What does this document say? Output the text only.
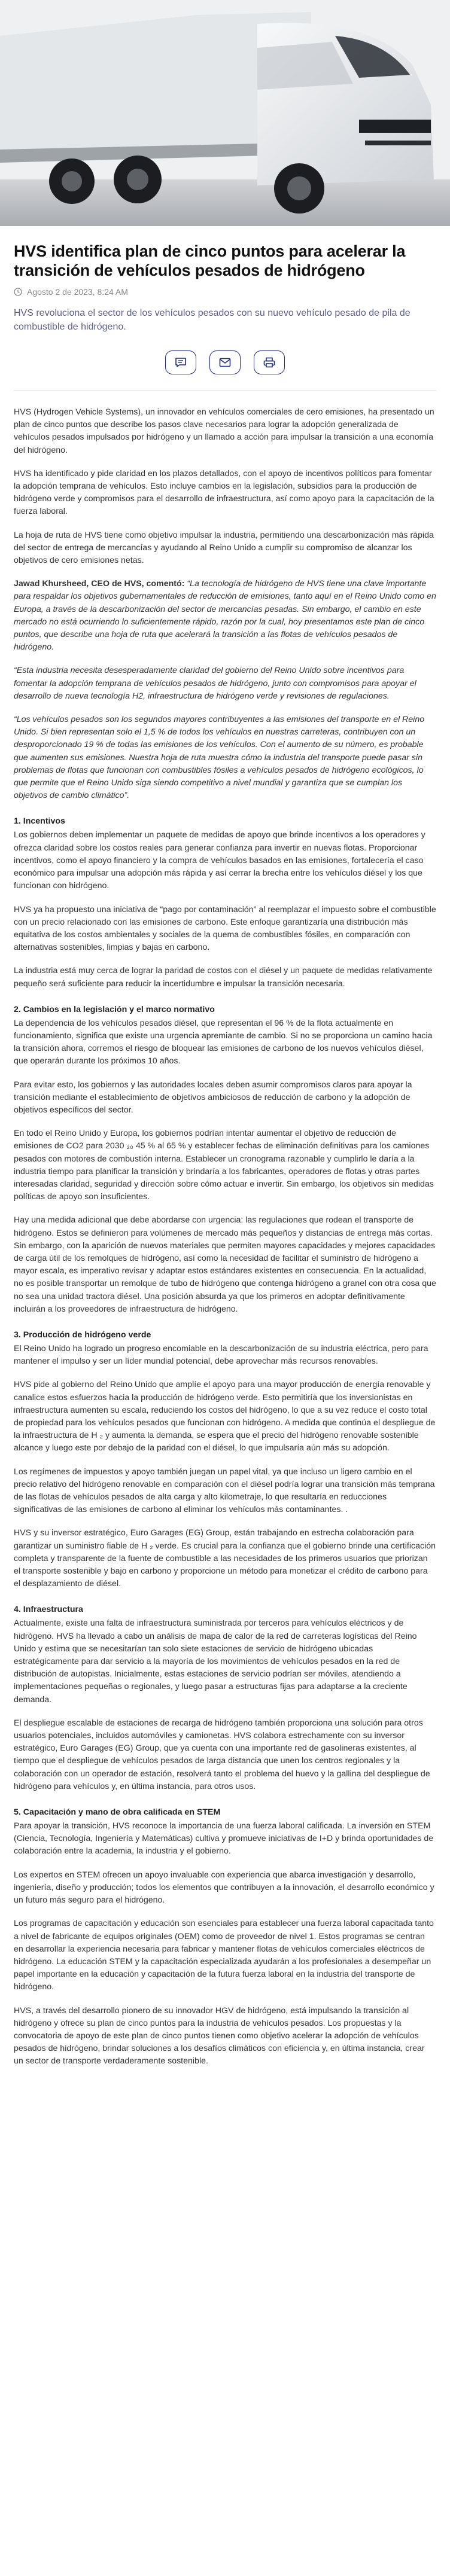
HVS identifica plan de cinco puntos para acelerar la transición de vehículos pesados de hidrógeno
Agosto 2 de 2023, 8:24 AM

HVS revoluciona el sector de los vehículos pesados con su nuevo vehículo pesado de pila de combustible de hidrógeno.

HVS (Hydrogen Vehicle Systems), un innovador en vehículos comerciales de cero emisiones, ha presentado un plan de cinco puntos que describe los pasos clave necesarios para lograr la adopción generalizada de vehículos pesados impulsados por hidrógeno y un llamado a acción para impulsar la transición a una economía del hidrógeno.

HVS ha identificado y pide claridad en los plazos detallados, con el apoyo de incentivos políticos para fomentar la adopción temprana de vehículos. Esto incluye cambios en la legislación, subsidios para la producción de hidrógeno verde y compromisos para el desarrollo de infraestructura, así como apoyo para la capacitación de la fuerza laboral.

La hoja de ruta de HVS tiene como objetivo impulsar la industria, permitiendo una descarbonización más rápida del sector de entrega de mercancías y ayudando al Reino Unido a cumplir su compromiso de alcanzar los objetivos de cero emisiones netas.

Jawad Khursheed, CEO de HVS, comentó: “La tecnología de hidrógeno de HVS tiene una clave importante para respaldar los objetivos gubernamentales de reducción de emisiones, tanto aquí en el Reino Unido como en Europa, a través de la descarbonización del sector de mercancías pesadas. Sin embargo, el cambio en este mercado no está ocurriendo lo suficientemente rápido, razón por la cual, hoy presentamos este plan de cinco puntos, que describe una hoja de ruta que acelerará la transición a las flotas de vehículos pesados de hidrógeno.

“Esta industria necesita desesperadamente claridad del gobierno del Reino Unido sobre incentivos para fomentar la adopción temprana de vehículos pesados de hidrógeno, junto con compromisos para apoyar el desarrollo de nueva tecnología H2, infraestructura de hidrógeno verde y revisiones de regulaciones.

“Los vehículos pesados son los segundos mayores contribuyentes a las emisiones del transporte en el Reino Unido. Si bien representan solo el 1,5 % de todos los vehículos en nuestras carreteras, contribuyen con un desproporcionado 19 % de todas las emisiones de los vehículos. Con el aumento de su número, es probable que aumenten sus emisiones. Nuestra hoja de ruta muestra cómo la industria del transporte puede pasar sin problemas de flotas que funcionan con combustibles fósiles a vehículos pesados de hidrógeno ecológicos, lo que permite que el Reino Unido siga siendo competitivo a nivel mundial y garantiza que se cumplan los objetivos de cambio climático”.

1. Incentivos

Los gobiernos deben implementar un paquete de medidas de apoyo que brinde incentivos a los operadores y ofrezca claridad sobre los costos reales para generar confianza para invertir en nuevas flotas. Proporcionar incentivos, como el apoyo financiero y la compra de vehículos basados en las emisiones, fortalecería el caso económico para impulsar una adopción más rápida y así cerrar la brecha entre los vehículos diésel y los que funcionan con hidrógeno.

HVS ya ha propuesto una iniciativa de “pago por contaminación” al reemplazar el impuesto sobre el combustible con un precio relacionado con las emisiones de carbono. Este enfoque garantizaría una distribución más equitativa de los costos ambientales y sociales de la quema de combustibles fósiles, en comparación con alternativas sostenibles, limpias y bajas en carbono.

La industria está muy cerca de lograr la paridad de costos con el diésel y un paquete de medidas relativamente pequeño será suficiente para reducir la incertidumbre e impulsar la transición necesaria.

2. Cambios en la legislación y el marco normativo

La dependencia de los vehículos pesados diésel, que representan el 96 % de la flota actualmente en funcionamiento, significa que existe una urgencia apremiante de cambio. Si no se proporciona un camino hacia la transición ahora, corremos el riesgo de bloquear las emisiones de carbono de los nuevos vehículos diésel, que operarán durante los próximos 10 años.

Para evitar esto, los gobiernos y las autoridades locales deben asumir compromisos claros para apoyar la transición mediante el establecimiento de objetivos ambiciosos de reducción de carbono y la adopción de objetivos específicos del sector.

En todo el Reino Unido y Europa, los gobiernos podrían intentar aumentar el objetivo de reducción de emisiones de CO2 para 2030 ₂₀ 45 % al 65 % y establecer fechas de eliminación definitivas para los camiones pesados con motores de combustión interna. Establecer un cronograma razonable y cumplirlo le daría a la industria tiempo para planificar la transición y brindaría a los fabricantes, operadores de flotas y otras partes interesadas claridad, seguridad y dirección sobre cómo actuar e invertir. Sin embargo, los objetivos sin medidas políticas de apoyo son insuficientes.

Hay una medida adicional que debe abordarse con urgencia: las regulaciones que rodean el transporte de hidrógeno. Estos se definieron para volúmenes de mercado más pequeños y distancias de entrega más cortas. Sin embargo, con la aparición de nuevos materiales que permiten mayores capacidades y mejores capacidades de carga útil de los remolques de hidrógeno, así como la necesidad de facilitar el suministro de hidrógeno a mayor escala, es imperativo revisar y adaptar estos estándares existentes en consecuencia. En la actualidad, no es posible transportar un remolque de tubo de hidrógeno que contenga hidrógeno a granel con otra cosa que no sea una unidad tractora diésel. Una posición absurda ya que los primeros en adoptar definitivamente incluirán a los proveedores de infraestructura de hidrógeno.

3. Producción de hidrógeno verde

El Reino Unido ha logrado un progreso encomiable en la descarbonización de su industria eléctrica, pero para mantener el impulso y ser un líder mundial potencial, debe aprovechar más recursos renovables.

HVS pide al gobierno del Reino Unido que amplíe el apoyo para una mayor producción de energía renovable y canalice estos esfuerzos hacia la producción de hidrógeno verde. Esto permitiría que los inversionistas en infraestructura aumenten su escala, reduciendo los costos del hidrógeno, lo que a su vez reduce el costo total de propiedad para los vehículos pesados que funcionan con hidrógeno. A medida que continúa el despliegue de la infraestructura de H ₂ y aumenta la demanda, se espera que el precio del hidrógeno renovable sostenible alcance y luego este por debajo de la paridad con el diésel, lo que impulsaría aún más su adopción.

Los regímenes de impuestos y apoyo también juegan un papel vital, ya que incluso un ligero cambio en el precio relativo del hidrógeno renovable en comparación con el diésel podría lograr una transición más temprana de las flotas de vehículos pesados de alta carga y alto kilometraje, lo que resultaría en reducciones significativas de las emisiones de carbono al eliminar los vehículos más contaminantes. .

HVS y su inversor estratégico, Euro Garages (EG) Group, están trabajando en estrecha colaboración para garantizar un suministro fiable de H ₂ verde. Es crucial para la confianza que el gobierno brinde una certificación completa y transparente de la fuente de combustible a las necesidades de los primeros usuarios que priorizan el transporte sostenible y bajo en carbono y proporcione un método para monetizar el crédito de carbono para el desplazamiento de diésel.

4. Infraestructura

Actualmente, existe una falta de infraestructura suministrada por terceros para vehículos eléctricos y de hidrógeno. HVS ha llevado a cabo un análisis de mapa de calor de la red de carreteras logísticas del Reino Unido y estima que se necesitarían tan solo siete estaciones de servicio de hidrógeno ubicadas estratégicamente para dar servicio a la mayoría de los movimientos de vehículos pesados en la red de distribución de autopistas. Inicialmente, estas estaciones de servicio podrían ser móviles, atendiendo a implementaciones pequeñas o regionales, y luego pasar a estructuras fijas para adaptarse a la creciente demanda.

El despliegue escalable de estaciones de recarga de hidrógeno también proporciona una solución para otros usuarios potenciales, incluidos automóviles y camionetas. HVS colabora estrechamente con su inversor estratégico, Euro Garages (EG) Group, que ya cuenta con una importante red de gasolineras existentes, al tiempo que el despliegue de vehículos pesados de larga distancia que unen los centros regionales y la colaboración con un operador de estación, resolverá tanto el problema del huevo y la gallina del despliegue de hidrógeno para vehículos y, en última instancia, para otros usos.

5. Capacitación y mano de obra calificada en STEM

Para apoyar la transición, HVS reconoce la importancia de una fuerza laboral calificada. La inversión en STEM (Ciencia, Tecnología, Ingeniería y Matemáticas) cultiva y promueve iniciativas de I+D y brinda oportunidades de colaboración entre la academia, la industria y el gobierno.

Los expertos en STEM ofrecen un apoyo invaluable con experiencia que abarca investigación y desarrollo, ingeniería, diseño y producción; todos los elementos que contribuyen a la innovación, el desarrollo económico y un futuro más seguro para el hidrógeno.

Los programas de capacitación y educación son esenciales para establecer una fuerza laboral capacitada tanto a nivel de fabricante de equipos originales (OEM) como de proveedor de nivel 1. Estos programas se centran en desarrollar la experiencia necesaria para fabricar y mantener flotas de vehículos comerciales eléctricos de hidrógeno. La educación STEM y la capacitación especializada ayudarán a los profesionales a desempeñar un papel importante en la educación y capacitación de la futura fuerza laboral en la industria del transporte de hidrógeno.

HVS, a través del desarrollo pionero de su innovador HGV de hidrógeno, está impulsando la transición al hidrógeno y ofrece su plan de cinco puntos para la industria de vehículos pesados. Los propuestas y la convocatoria de apoyo de este plan de cinco puntos tienen como objetivo acelerar la adopción de vehículos pesados de hidrógeno, brindar soluciones a los desafíos climáticos con eficiencia y, en última instancia, crear un sector de transporte verdaderamente sostenible.
